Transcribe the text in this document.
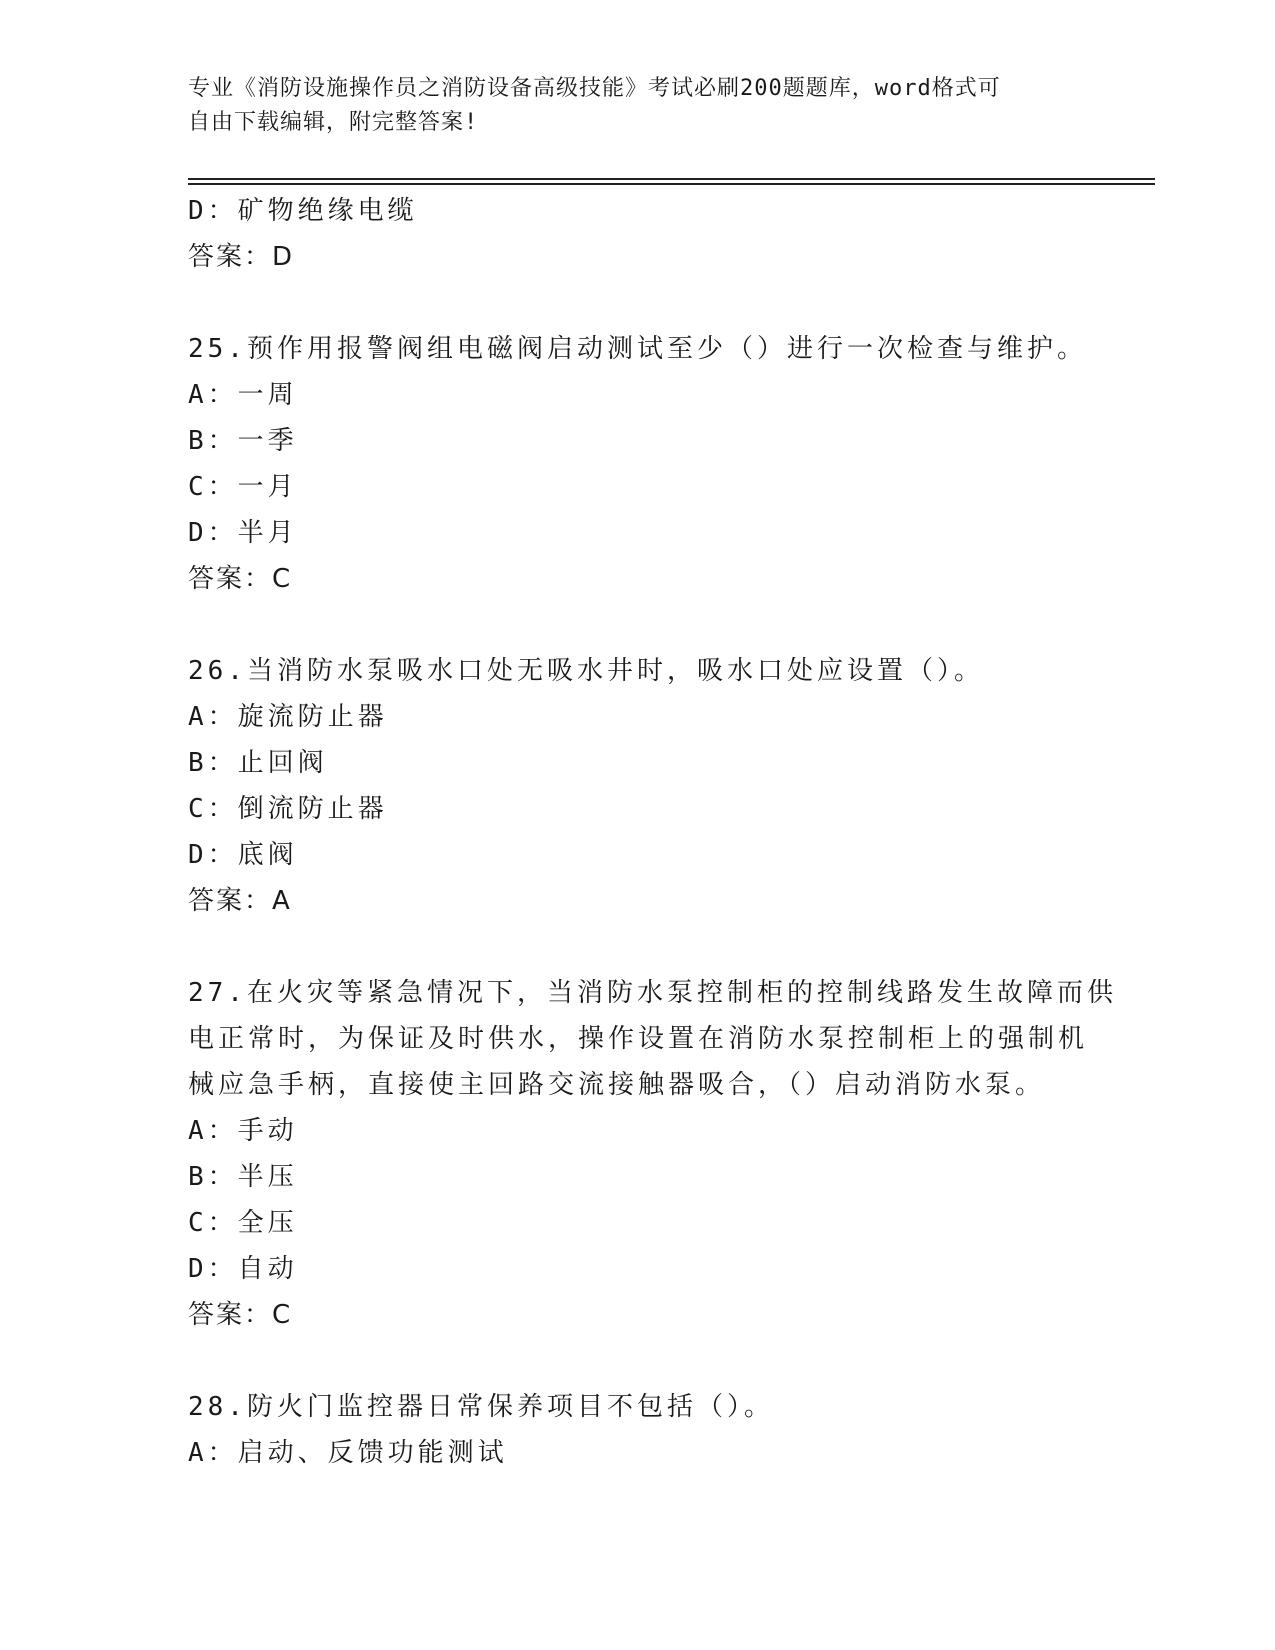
专业《消防设施操作员之消防设备高级技能》考试必刷200题题库，word格式可
自由下载编辑，附完整答案!
D：矿物绝缘电缆
答案：D
25.预作用报警阀组电磁阀启动测试至少（）进行一次检查与维护。
A：一周
B：一季
C：一月
D：半月
答案：C
26.当消防水泵吸水口处无吸水井时，吸水口处应设置（）。
A：旋流防止器
B：止回阀
C：倒流防止器
D：底阀
答案：A
27.在火灾等紧急情况下，当消防水泵控制柜的控制线路发生故障而供
电正常时，为保证及时供水，操作设置在消防水泵控制柜上的强制机
械应急手柄，直接使主回路交流接触器吸合，（）启动消防水泵。
A：手动
B：半压
C：全压
D：自动
答案：C
28.防火门监控器日常保养项目不包括（）。
A：启动、反馈功能测试
